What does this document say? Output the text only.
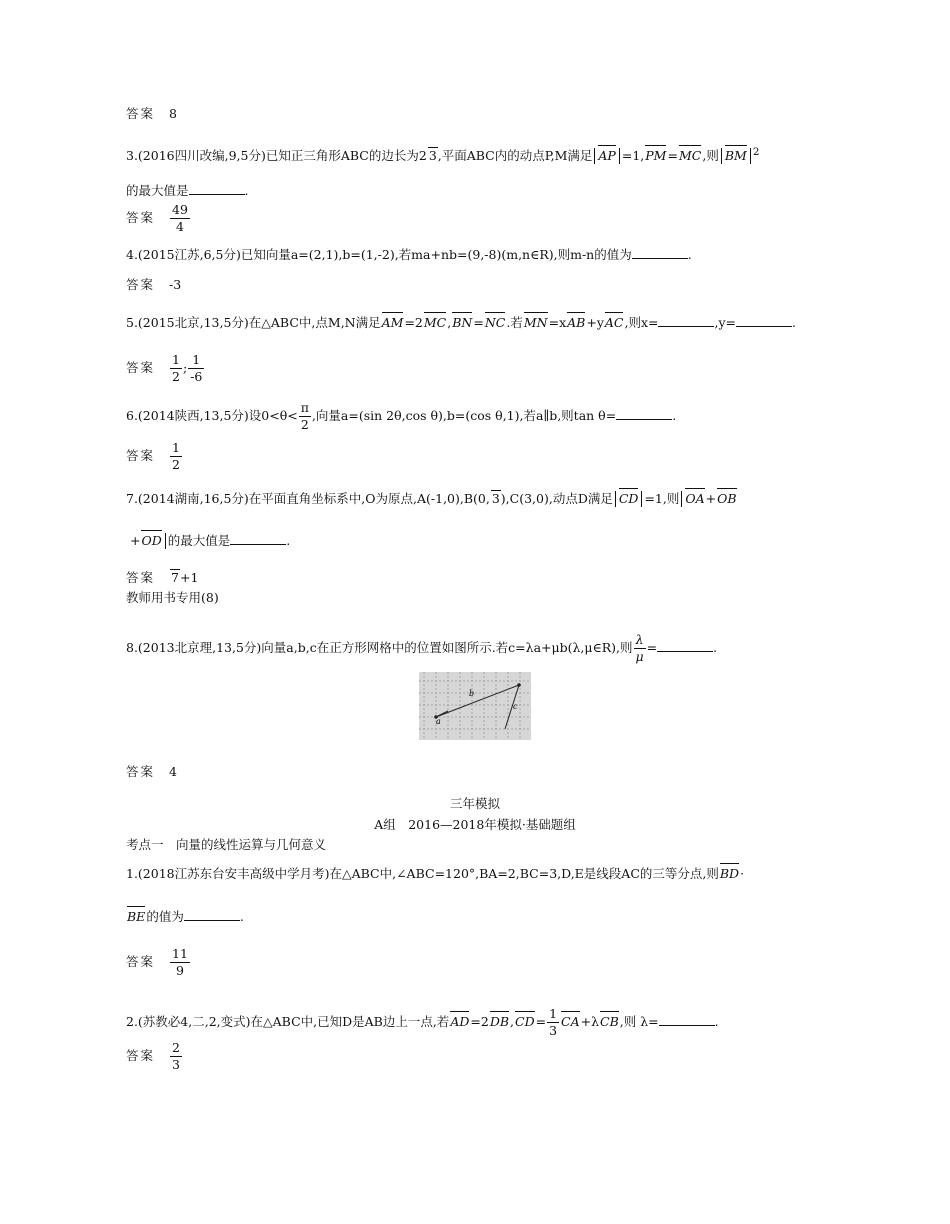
答案 8
3.(2016四川改编,9,5分)已知正三角形ABC的边长为2 3,平面ABC内的动点P,M满足 AP =1,PM=MC,则 BM $^2$
的最大值是	.
答案 $\frac{49}{4}$
4.(2015江苏,6,5分)已知向量a=(2,1),b=(1,-2),若ma+nb=(9,-8)(m,n∈R),则m-n的值为	.
答案 -3
5.(2015北京,13,5分)在△ABC中,点M,N满足AM=2MC,BN=NC.若MN=xAB+yAC,则x=	,y=	.
答案 $\frac{1}{2}$ ; $\frac{1}{-6}$
6.(2014陕西,13,5分)设$0<\theta< \frac{\pi}{2}$ ,向量a=(sin 2θ,cos θ),b=(cos θ,1),若a∥b,则tan θ=	.
答案 $\frac{1}{2}$
7.(2014湖南,16,5分)在平面直角坐标系中,O为原点,A(-1,0),B(0, 3),C(3,0),动点D满足 CD =1,则 OA+OB
+OD 的最大值是	.
答案 7+1
教师用书专用(8)
8.(2013北京理,13,5分)向量a,b,c在正方形网格中的位置如图所示.若c=λa+μb(λ,μ∈R),则 $\frac{\lambda}{\mu}$ =	.
a
b
c
答案 4
三年模拟
A组　2016—2018年模拟·基础题组
考点一　向量的线性运算与几何意义
1.(2018江苏东台安丰高级中学月考)在△ABC中,∠ABC=120°,BA=2,BC=3,D,E是线段AC的三等分点,则BD·
BE的值为	.
答案 $\frac{11}{9}$
2.(苏教必4,二,2,变式)在△ABC中,已知D是AB边上一点,若$AD=2DB,CD= \frac{1}{3} CA+\lambda CB$,则 λ=	.
答案 $\frac{2}{3}$
